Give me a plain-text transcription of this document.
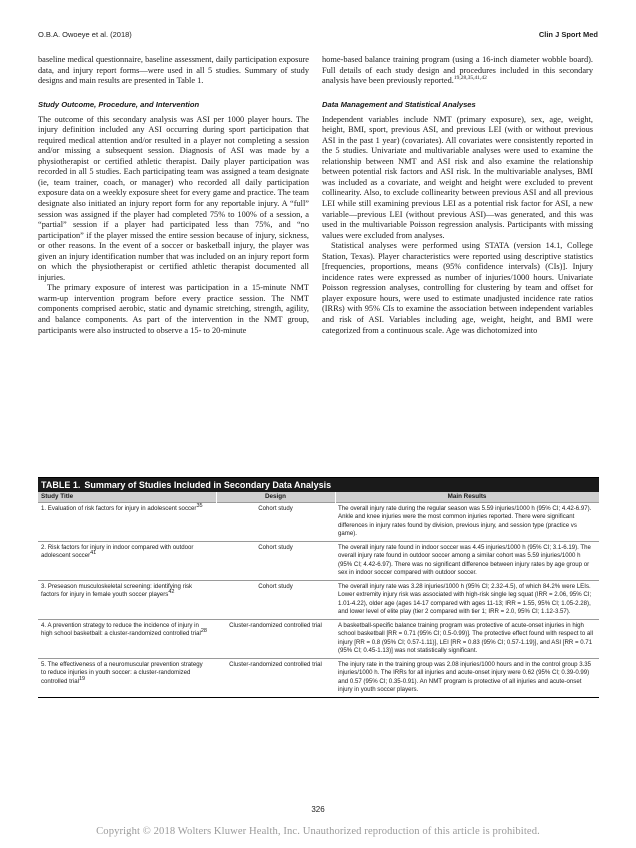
O.B.A. Owoeye et al. (2018)	Clin J Sport Med

baseline medical questionnaire, baseline assessment, daily participation exposure data, and injury report forms—were used in all 5 studies. Summary of study designs and main results are presented in Table 1.

Study Outcome, Procedure, and Intervention

The outcome of this secondary analysis was ASI per 1000 player hours. The injury definition included any ASI occurring during sport participation that required medical attention and/or resulted in a player not completing a session and/or missing a subsequent session. Diagnosis of ASI was made by a physiotherapist or certified athletic therapist. Daily player participation was recorded in all 5 studies. Each participating team was assigned a team designate (ie, team trainer, coach, or manager) who recorded all daily participation exposure data on a weekly exposure sheet for every game and practice. The team designate also initiated an injury report form for any reportable injury. A “full” session was assigned if the player had completed 75% to 100% of a session, a “partial” session if a player had participated less than 75%, and “no participation” if the player missed the entire session because of injury, sickness, or other reasons. In the event of a soccer or basketball injury, the player was given an injury identification number that was included on an injury report form on which the physiotherapist or certified athletic therapist documented all injuries.

The primary exposure of interest was participation in a 15-minute NMT warm-up intervention program before every practice session. The NMT components comprised aerobic, static and dynamic stretching, strength, agility, and balance components. As part of the intervention in the NMT group, participants were also instructed to observe a 15- to 20-minute

home-based balance training program (using a 16-inch diameter wobble board). Full details of each study design and procedures included in this secondary analysis have been previously reported.$^{19,28,35,41,42}$

Data Management and Statistical Analyses

Independent variables include NMT (primary exposure), sex, age, weight, height, BMI, sport, previous ASI, and previous LEI (with or without previous ASI in the past 1 year) (covariates). All covariates were consistently reported in the 5 studies. Univariate and multivariable analyses were used to examine the relationship between NMT and ASI risk and also examine the relationship between potential risk factors and ASI risk. In the multivariable analyses, BMI was included as a covariate, and weight and height were excluded to prevent collinearity. Also, to exclude collinearity between previous ASI and all previous LEI while still examining previous LEI as a potential risk factor for ASI, a new variable—previous LEI (without previous ASI)—was generated, and this was used in the multivariable Poisson regression analysis. Participants with missing values were excluded from analyses.

Statistical analyses were performed using STATA (version 14.1, College Station, Texas). Player characteristics were reported using descriptive statistics [frequencies, proportions, means (95% confidence intervals) (CIs)]. Injury incidence rates were expressed as number of injuries/1000 hours. Univariate Poisson regression analyses, controlling for clustering by team and offset for player exposure hours, were used to estimate unadjusted incidence rate ratios (IRRs) with 95% CIs to examine the association between independent variables and risk of ASI. Variables including age, weight, height, and BMI were categorized from a continuous scale. Age was dichotomized into

TABLE 1. Summary of Studies Included in Secondary Data Analysis
Study Title	Design	Main Results
1. Evaluation of risk factors for injury in adolescent soccer$^{35}$	Cohort study	The overall injury rate during the regular season was 5.59 injuries/1000 h (95% CI; 4.42-6.97). Ankle and knee injuries were the most common injuries reported. There were significant differences in injury rates found by division, previous injury, and session type (practice vs game).
2. Risk factors for injury in indoor compared with outdoor adolescent soccer$^{41}$	Cohort study	The overall injury rate found in indoor soccer was 4.45 injuries/1000 h (95% CI; 3.1-6.19). The overall injury rate found in outdoor soccer among a similar cohort was 5.59 injuries/1000 h (95% CI; 4.42-6.97). There was no significant difference between injury rates by age group or sex in indoor soccer compared with outdoor soccer.
3. Preseason musculoskeletal screening: identifying risk factors for injury in female youth soccer players$^{42}$	Cohort study	The overall injury rate was 3.28 injuries/1000 h (95% CI; 2.32-4.5), of which 84.2% were LEIs. Lower extremity injury risk was associated with high-risk single leg squat (IRR = 2.06, 95% CI; 1.01-4.22), older age (ages 14-17 compared with ages 11-13; IRR = 1.55, 95% CI; 1.05-2.28), and lower level of elite play (tier 2 compared with tier 1; IRR = 2.0, 95% CI; 1.12-3.57).
4. A prevention strategy to reduce the incidence of injury in high school basketball: a cluster-randomized controlled trial$^{28}$	Cluster-randomized controlled trial	A basketball-specific balance training program was protective of acute-onset injuries in high school basketball [RR = 0.71 (95% CI; 0.5-0.99)]. The protective effect found with respect to all injury [RR = 0.8 (95% CI; 0.57-1.11)], LEI [RR = 0.83 (95% CI; 0.57-1.19)], and ASI [RR = 0.71 (95% CI; 0.45-1.13)] was not statistically significant.
5. The effectiveness of a neuromuscular prevention strategy to reduce injuries in youth soccer: a cluster-randomized controlled trial$^{19}$	Cluster-randomized controlled trial	The injury rate in the training group was 2.08 injuries/1000 hours and in the control group 3.35 injuries/1000 h. The IRRs for all injuries and acute-onset injury were 0.62 (95% CI; 0.39-0.99) and 0.57 (95% CI; 0.35-0.91). An NMT program is protective of all injuries and acute-onset injury in youth soccer players.
326
Copyright © 2018 Wolters Kluwer Health, Inc. Unauthorized reproduction of this article is prohibited.
